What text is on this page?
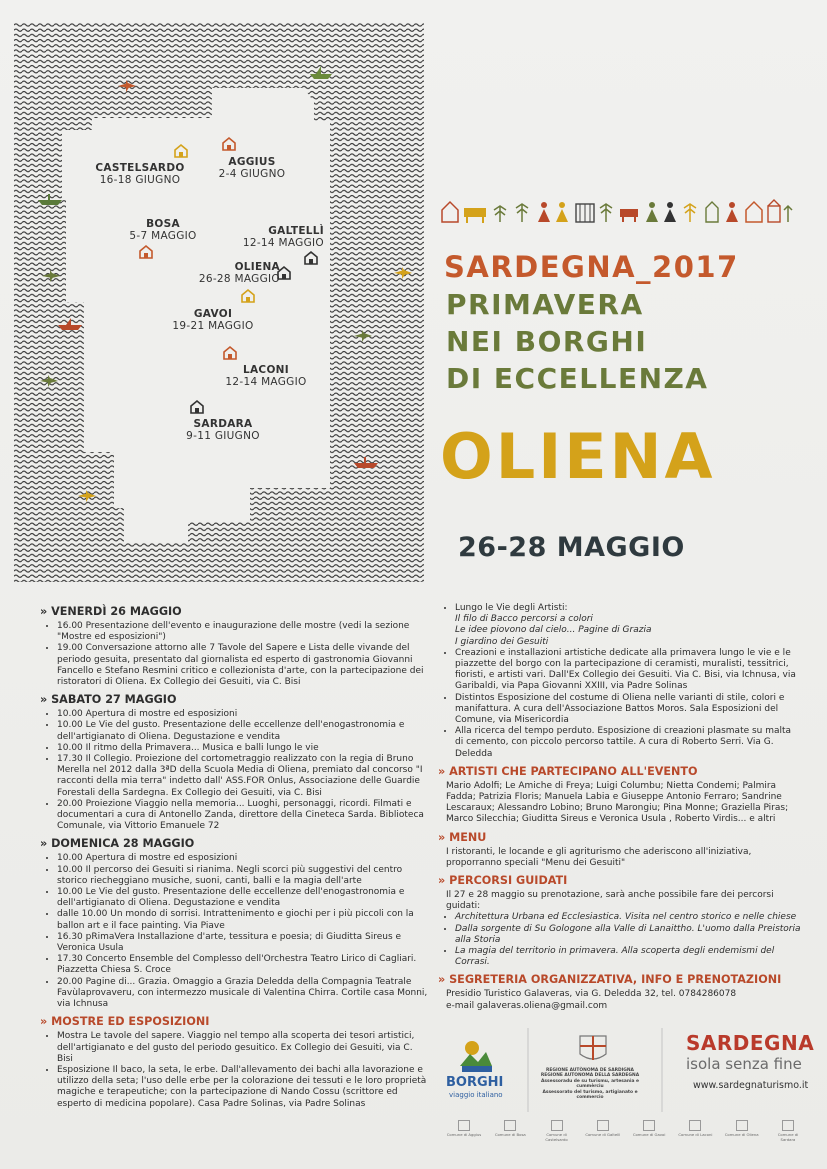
CASTELSARDO
16-18 GIUGNO
AGGIUS
2-4 GIUGNO
BOSA
5-7 MAGGIO	GALTELLÌ
12-14 MAGGIO
OLIENA
26-28 MAGGIO
GAVOI
19-21 MAGGIO
LACONI
12-14 MAGGIO
SARDARA
9-11 GIUGNO
SARDEGNA_2017
PRIMAVERA
NEI BORGHI
DI ECCELLENZA
OLIENA
26-28 MAGGIO
» VENERDÌ 26 MAGGIO
• 16.00 Presentazione dell'evento e inaugurazione delle mostre (vedi la sezione "Mostre ed esposizioni")
• 19.00 Conversazione attorno alle 7 Tavole del Sapere e Lista delle vivande del periodo gesuita, presentato dal giornalista ed esperto di gastronomia Giovanni Fancello e Stefano Resmini critico e collezionista d'arte, con la partecipazione dei ristoratori di Oliena. Ex Collegio dei Gesuiti, via C. Bisi
» SABATO 27 MAGGIO
• 10.00 Apertura di mostre ed esposizioni
• 10.00 Le Vie del gusto. Presentazione delle eccellenze dell'enogastronomia e dell'artigianato di Oliena. Degustazione e vendita
• 10.00 Il ritmo della Primavera... Musica e balli lungo le vie
• 17.30 Il Collegio. Proiezione del cortometraggio realizzato con la regia di Bruno Merella nel 2012 dalla 3ªD della Scuola Media di Oliena, premiato dal concorso "I racconti della mia terra" indetto dall' ASS.FOR Onlus, Associazione delle Guardie Forestali della Sardegna. Ex Collegio dei Gesuiti, via C. Bisi
• 20.00 Proiezione Viaggio nella memoria... Luoghi, personaggi, ricordi. Filmati e documentari a cura di Antonello Zanda, direttore della Cineteca Sarda. Biblioteca Comunale, via Vittorio Emanuele 72
» DOMENICA 28 MAGGIO
• 10.00 Apertura di mostre ed esposizioni
• 10.00 Il percorso dei Gesuiti si rianima. Negli scorci più suggestivi del centro storico riecheggiano musiche, suoni, canti, balli e la magia dell'arte
• 10.00 Le Vie del gusto. Presentazione delle eccellenze dell'enogastronomia e dell'artigianato di Oliena. Degustazione e vendita
• dalle 10.00 Un mondo di sorrisi. Intrattenimento e giochi per i più piccoli con la ballon art e il face painting. Via Piave
• 16.30 pRimaVera Installazione d'arte, tessitura e poesia; di Giuditta Sireus e Veronica Usula
• 17.30 Concerto Ensemble del Complesso dell'Orchestra Teatro Lirico di Cagliari. Piazzetta Chiesa S. Croce
• 20.00 Pagine di... Grazia. Omaggio a Grazia Deledda della Compagnia Teatrale Favùlaprovaveru, con intermezzo musicale di Valentina Chirra. Cortile casa Monni, via Ichnusa
» MOSTRE ED ESPOSIZIONI
• Mostra Le tavole del sapere. Viaggio nel tempo alla scoperta dei tesori artistici, dell'artigianato e del gusto del periodo gesuitico. Ex Collegio dei Gesuiti, via C. Bisi
• Esposizione Il baco, la seta, le erbe. Dall'allevamento dei bachi alla lavorazione e utilizzo della seta; l'uso delle erbe per la colorazione dei tessuti e le loro proprietà magiche e terapeutiche; con la partecipazione di Nando Cossu (scrittore ed esperto di medicina popolare). Casa Padre Solinas, via Padre Solinas
• Lungo le Vie degli Artisti:
Il filo di Bacco percorsi a colori
Le idee piovono dal cielo... Pagine di Grazia
I giardino dei Gesuiti
• Creazioni e installazioni artistiche dedicate alla primavera lungo le vie e le piazzette del borgo con la partecipazione di ceramisti, muralisti, tessitrici, fioristi, e artisti vari. Dall'Ex Collegio dei Gesuiti. Via C. Bisi, via Ichnusa, via Garibaldi, via Papa Giovanni XXIII, via Padre Solinas
• Distintos Esposizione del costume di Oliena nelle varianti di stile, colori e manifattura. A cura dell'Associazione Battos Moros. Sala Esposizioni del Comune, via Misericordia
• Alla ricerca del tempo perduto. Esposizione di creazioni plasmate su malta di cemento, con piccolo percorso tattile. A cura di Roberto Serri. Via G. Deledda
» ARTISTI CHE PARTECIPANO ALL'EVENTO
Mario Adolfi; Le Amiche di Freya; Luigi Columbu; Nietta Condemi; Palmira Fadda; Patrizia Floris; Manuela Labia e Giuseppe Antonio Ferraro; Sandrine Lescaraux; Alessandro Lobino; Bruno Marongiu; Pina Monne; Graziella Piras; Marco Silecchia; Giuditta Sireus e Veronica Usula , Roberto Virdis... e altri
» MENU
I ristoranti, le locande e gli agriturismo che aderiscono all'iniziativa, proporranno speciali "Menu dei Gesuiti"
» PERCORSI GUIDATI
Il 27 e 28 maggio su prenotazione, sarà anche possibile fare dei percorsi guidati:
• Architettura Urbana ed Ecclesiastica. Visita nel centro storico e nelle chiese
• Dalla sorgente di Su Gologone alla Valle di Lanaittho. L'uomo dalla Preistoria alla Storia
• La magia del territorio in primavera. Alla scoperta degli endemismi del Corrasi.
» SEGRETERIA ORGANIZZATIVA, INFO E PRENOTAZIONI
Presidio Turistico Galaveras, via G. Deledda 32, tel. 0784286078
e-mail galaveras.oliena@gmail.com
BORGHI
viaggio italiano
REGIONE AUTÒNOMA DE SARDIGNA
REGIONE AUTONOMA DELLA SARDEGNA
Assessoradu de su turismu, artesanìa e cummèrciu
Assessorato del turismo, artigianato e commercio
SARDEGNA
isola senza fine
www.sardegnaturismo.it
Comune di Aggius	Comune di Bosa	Comune di Castelsardo
Comune di Galtellì	Comune di Gavoi	Comune di Laconi	Comune di Oliena	Comune di Sardara
